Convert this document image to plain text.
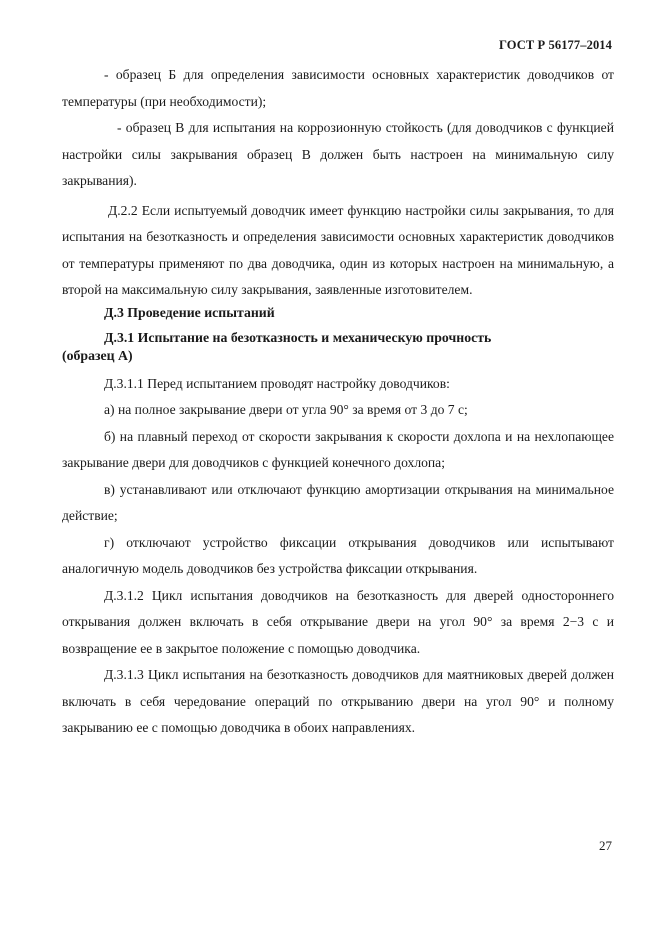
ГОСТ Р 56177–2014

- образец Б для определения зависимости основных характеристик доводчиков от температуры (при необходимости);

- образец В для испытания на коррозионную стойкость (для доводчиков с функцией настройки силы закрывания образец В должен быть настроен на минимальную силу закрывания).

Д.2.2 Если испытуемый доводчик имеет функцию настройки силы закрывания, то для испытания на безотказность и определения зависимости основных характеристик доводчиков от температуры применяют по два доводчика, один из которых настроен на минимальную, а второй на максимальную силу закрывания, заявленные изготовителем.

Д.3 Проведение испытаний

Д.3.1 Испытание на безотказность и механическую прочность
(образец А)

Д.3.1.1 Перед испытанием проводят настройку доводчиков:

а) на полное закрывание двери от угла 90° за время от 3 до 7 с;

б) на плавный переход от скорости закрывания к скорости дохлопа и на нехлопающее закрывание двери для доводчиков с функцией конечного дохлопа;

в) устанавливают или отключают функцию амортизации открывания на минимальное действие;

г) отключают устройство фиксации открывания доводчиков или испытывают аналогичную модель доводчиков без устройства фиксации открывания.

Д.3.1.2 Цикл испытания доводчиков на безотказность для дверей одностороннего открывания должен включать в себя открывание двери на угол 90° за время 2−3 с и возвращение ее в закрытое положение с помощью доводчика.

Д.3.1.3 Цикл испытания на безотказность доводчиков для маятниковых дверей должен включать в себя чередование операций по открыванию двери на угол 90° и полному закрыванию ее с помощью доводчика в обоих направлениях.

27
